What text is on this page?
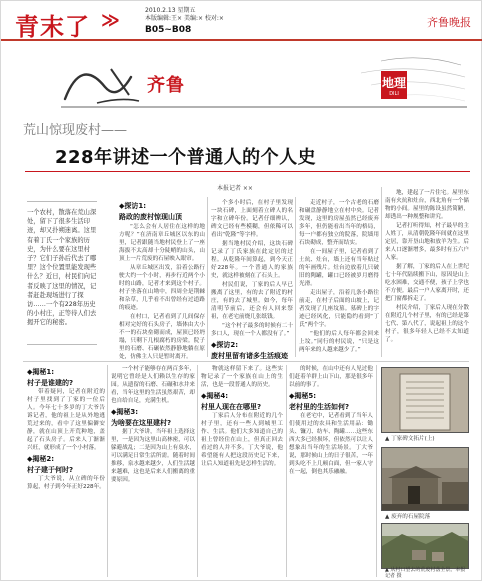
青末了 ≫	2010.2.13 星期五
本版编辑:王× 美编:× 校对:×
B05~B08
齐鲁晚报
齐鲁	地理
DILI
荒山惊现废村——
228年讲述一个普通人的个人史
本报记者 ××
一个农村，散落在荒山深处，留下了很多生活印迹，却又扑朔迷离。这里有着丁氏一个家族的历史，为什么要在这里村子？它们子孙后代去了哪里？这个位置里能发现些什么？近日，村民们向记者反映了这里的情况，记者赶赴现场进行了探访……一个有228年历史的小村庄，正等待人们去揭开它的秘密。
◆探访1:
路政的废村惊现山顶

“怎么会有人居住在这样的地方呢？”在济南章丘城区以东的山里，记者跟随当地村民登上了一座海拔不太高却十分陡峭的山头，山顶上一片荒废的石屋映入眼帘。

从章丘城区出发，沿着公路行驶大约一个小时，再步行近两个小时的山路，记者才来到这个村子。村子坐落在山坳中，四周全是荆棘和杂草，几乎看不出曾经有过道路的痕迹。

在村口，记者看到了几间保存相对完好的石头房子，墙体由大小不一的石块垒砌而成，屋顶已经坍塌，只剩下几根腐朽的房梁。院子里的石磨、石碾依然静静地躺在原处，仿佛主人只是暂时离开。

个多小时后，在村子里发现一块石碑，上面刻着立碑人的名字和立碑年份。记者仔细辨认，碑文已经有些模糊，但依稀可以看出“乾隆”等字样。

据当地村民介绍，这块石碑记录了丁氏家族在此定居的过程。从乾隆年间算起，到今天正好228年。一个普通人的家族史，就这样被刻在了石头上。

村民们说，丁家的后人早已搬离了这里，有的去了附近的村庄，有的去了城里。如今，每年清明节前后，还会有人回来祭祖，在老宅前烧几张纸钱。

“这个村子最多的时候有二十多口人，现在一个人都没有了。”

◆探访2:
废村里留有诸多生活痕迹

走近村子，一个古老的石磨和碾盘静静地立在村中央。记者发现，这里的房屋虽然已经废弃多年，但仍能看出当年的格局，每一户都有独立的院落，院墙用石块砌成，整齐而结实。

在一间屋子里，记者看到了土炕、灶台，墙上还有当年贴过的年画残片。灶台边放着几只破旧的陶罐，罐口已经被岁月磨得光滑。

走出屋子，沿着几条小路往前走，在村子后面的山坡上，记者发现了几座坟墓。墓碑上的字迹已经风化，只能隐约看到“丁氏”两个字。

“他们的后人每年都会回来上坟。”同行的村民说，“只是这两年来的人越来越少了。”

地，建起了一片住宅。屋里东南有火炕和灶台，西北角有一个储物的小间。屋里的陈设虽然简陋，却透出一种规整和讲究。

记者打听得知，村子最早的主人姓丁，从清朝乾隆年间就在这里定居，靠开垦山地和放羊为生。后来人口逐渐增多，最多时有五六户人家。

据了解，丁家的后人在上世纪七十年代陆续搬下山，原因是山上吃水困难，交通不便，孩子上学也不方便。最后一户人家离开时，还把门窗都拆走了。

村民介绍，丁家后人现在分散在附近几个村子里，有的已经是第七代、第八代了，说起祖上的这个村子，很多年轻人已经不太知道了。

◆揭秘1:
村子是谁建的?

带着疑问，记者在附近的村子里找到了丁家的一位后人。今年七十多岁的丁大爷告诉记者，他的祖上是从外地逃荒过来的，看中了这里偏僻安静，就在山顶上开荒种地，盖起了石头房子。后来人丁渐渐兴旺，就形成了一个小村落。

◆揭秘2:
村子建于何时?

丁大爷说，从立碑的年份算起，村子到今年正好228年。

一个村子能够存在两百多年，说明它曾经是人们赖以生存的家园。从遗留的石磨、石碾和水井来看，当年这里的生活虽然艰苦，却也自给自足，充满生机。

◆揭秘3:
为啥要在这里建村?

据丁大爷讲，当年祖上选择这里，一是因为这里山高林密，可以躲避战乱；二是因为山上有泉水，可以满足日常生活所需。随着时间推移，泉水越来越少，人们生活越来越难，这也是后来人们搬离的重要原因。

物就这样留下来了。这些实物记录了一个家族在山上的生活，也是一段普通人的历史。

◆揭秘4:
村里人现在在哪里?

丁家后人分布在附近的几个村子里，还有一些人到城里工作、生活。他们大多知道自己的祖上曾经住在山上，但真正回去看过的人并不多。丁大爷说，他希望能有人把这段历史记下来，让后人知道祖先是怎样生活的。

的时候，在山中还有人见过他们赶着羊群上山下山，那是很多年以前的事了。

◆揭秘5:
老村里的生活如何?

在老宅中，记者看到了当年人们使用过的农具和生活用品：锄头、镰刀、纺车、陶罐……这些东西大多已经损坏，但依然可以让人想象出当年的生活场景。丁大爷说，那时候山上的日子很苦，一年到头吃不上几顿白面，但一家人守在一起，倒也其乐融融。

▲ 丁家碑文拓片(上)
▲ 废弃的石屋院落
▲ 从村口望去的荒废村落全景。本报记者 摄
